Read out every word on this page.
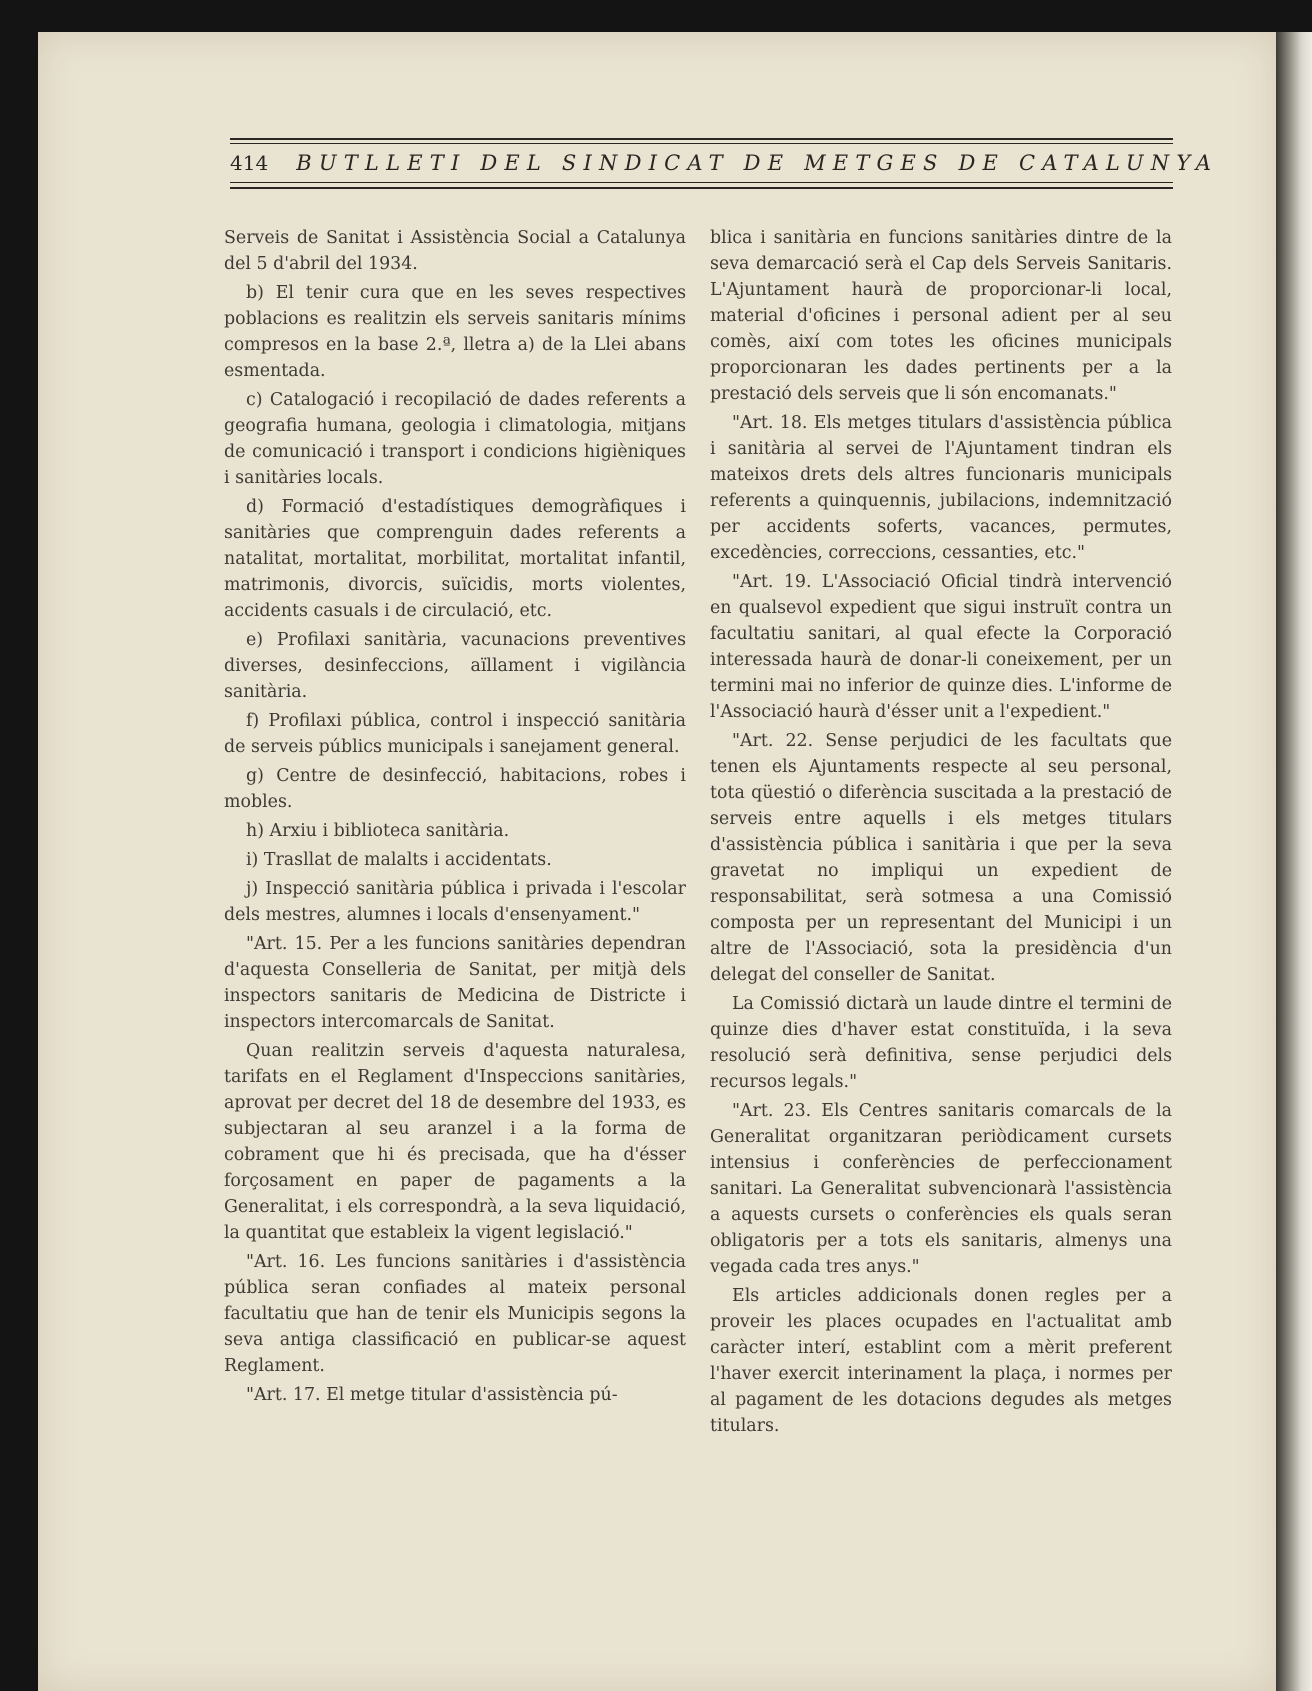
414 BUTLLETI DEL SINDICAT DE METGES DE CATALUNYA

Serveis de Sanitat i Assistència Social a Catalunya del 5 d'abril del 1934.

b) El tenir cura que en les seves respectives poblacions es realitzin els serveis sanitaris mínims compresos en la base 2.ª, lletra a) de la Llei abans esmentada.

c) Catalogació i recopilació de dades referents a geografia humana, geologia i climatologia, mitjans de comunicació i transport i condicions higièniques i sanitàries locals.

d) Formació d'estadístiques demogràfiques i sanitàries que comprenguin dades referents a natalitat, mortalitat, morbilitat, mortalitat infantil, matrimonis, divorcis, suïcidis, morts violentes, accidents casuals i de circulació, etc.

e) Profilaxi sanitària, vacunacions preventives diverses, desinfeccions, aïllament i vigilància sanitària.

f) Profilaxi pública, control i inspecció sanitària de serveis públics municipals i sanejament general.

g) Centre de desinfecció, habitacions, robes i mobles.

h) Arxiu i biblioteca sanitària.

i) Trasllat de malalts i accidentats.

j) Inspecció sanitària pública i privada i l'escolar dels mestres, alumnes i locals d'ensenyament."

"Art. 15. Per a les funcions sanitàries dependran d'aquesta Conselleria de Sanitat, per mitjà dels inspectors sanitaris de Medicina de Districte i inspectors intercomarcals de Sanitat.

Quan realitzin serveis d'aquesta naturalesa, tarifats en el Reglament d'Inspeccions sanitàries, aprovat per decret del 18 de desembre del 1933, es subjectaran al seu aranzel i a la forma de cobrament que hi és precisada, que ha d'ésser forçosament en paper de pagaments a la Generalitat, i els correspondrà, a la seva liquidació, la quantitat que estableix la vigent legislació."

"Art. 16. Les funcions sanitàries i d'assistència pública seran confiades al mateix personal facultatiu que han de tenir els Municipis segons la seva antiga classificació en publicar-se aquest Reglament.

"Art. 17. El metge titular d'assistència pú-

blica i sanitària en funcions sanitàries dintre de la seva demarcació serà el Cap dels Serveis Sanitaris. L'Ajuntament haurà de proporcionar-li local, material d'oficines i personal adient per al seu comès, així com totes les oficines municipals proporcionaran les dades pertinents per a la prestació dels serveis que li són encomanats."

"Art. 18. Els metges titulars d'assistència pública i sanitària al servei de l'Ajuntament tindran els mateixos drets dels altres funcionaris municipals referents a quinquennis, jubilacions, indemnització per accidents soferts, vacances, permutes, excedències, correccions, cessanties, etc."

"Art. 19. L'Associació Oficial tindrà intervenció en qualsevol expedient que sigui instruït contra un facultatiu sanitari, al qual efecte la Corporació interessada haurà de donar-li coneixement, per un termini mai no inferior de quinze dies. L'informe de l'Associació haurà d'ésser unit a l'expedient."

"Art. 22. Sense perjudici de les facultats que tenen els Ajuntaments respecte al seu personal, tota qüestió o diferència suscitada a la prestació de serveis entre aquells i els metges titulars d'assistència pública i sanitària i que per la seva gravetat no impliqui un expedient de responsabilitat, serà sotmesa a una Comissió composta per un representant del Municipi i un altre de l'Associació, sota la presidència d'un delegat del conseller de Sanitat.

La Comissió dictarà un laude dintre el termini de quinze dies d'haver estat constituïda, i la seva resolució serà definitiva, sense perjudici dels recursos legals."

"Art. 23. Els Centres sanitaris comarcals de la Generalitat organitzaran periòdicament cursets intensius i conferències de perfeccionament sanitari. La Generalitat subvencionarà l'assistència a aquests cursets o conferències els quals seran obligatoris per a tots els sanitaris, almenys una vegada cada tres anys."

Els articles addicionals donen regles per a proveir les places ocupades en l'actualitat amb caràcter interí, establint com a mèrit preferent l'haver exercit interinament la plaça, i normes per al pagament de les dotacions degudes als metges titulars.
